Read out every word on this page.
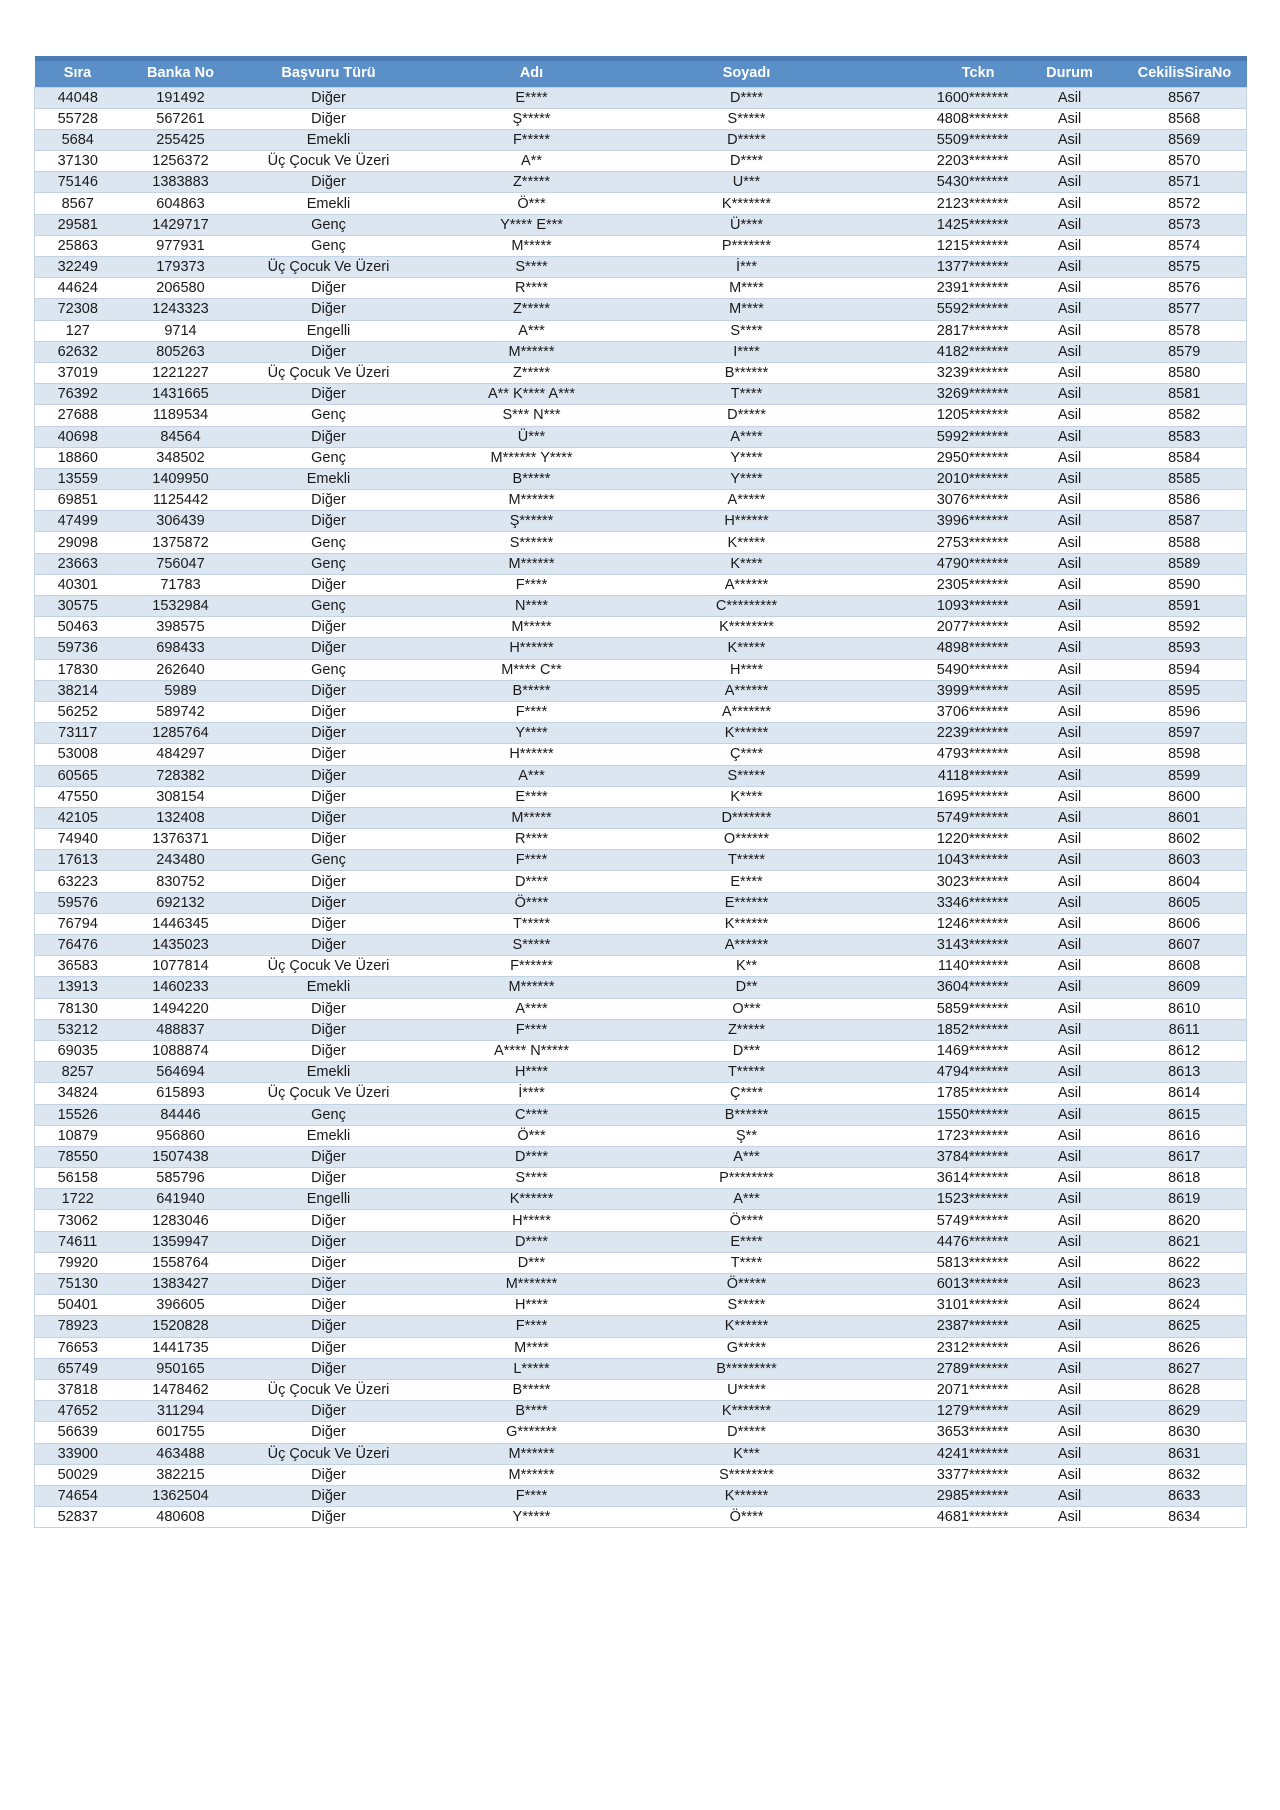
Sıra	Banka No	Başvuru Türü	Adı	Soyadı	Tckn	Durum	CekilisSiraNo
44048	191492	Diğer	E****	D****	1600*******	Asil	8567
55728	567261	Diğer	Ş*****	S*****	4808*******	Asil	8568
5684	255425	Emekli	F*****	D*****	5509*******	Asil	8569
37130	1256372	Üç Çocuk Ve Üzeri	A**	D****	2203*******	Asil	8570
75146	1383883	Diğer	Z*****	U***	5430*******	Asil	8571
8567	604863	Emekli	Ö***	K*******	2123*******	Asil	8572
29581	1429717	Genç	Y**** E***	Ü****	1425*******	Asil	8573
25863	977931	Genç	M*****	P*******	1215*******	Asil	8574
32249	179373	Üç Çocuk Ve Üzeri	S****	İ***	1377*******	Asil	8575
44624	206580	Diğer	R****	M****	2391*******	Asil	8576
72308	1243323	Diğer	Z*****	M****	5592*******	Asil	8577
127	9714	Engelli	A***	S****	2817*******	Asil	8578
62632	805263	Diğer	M******	I****	4182*******	Asil	8579
37019	1221227	Üç Çocuk Ve Üzeri	Z*****	B******	3239*******	Asil	8580
76392	1431665	Diğer	A** K**** A***	T****	3269*******	Asil	8581
27688	1189534	Genç	S*** N***	D*****	1205*******	Asil	8582
40698	84564	Diğer	Ü***	A****	5992*******	Asil	8583
18860	348502	Genç	M****** Y****	Y****	2950*******	Asil	8584
13559	1409950	Emekli	B*****	Y****	2010*******	Asil	8585
69851	1125442	Diğer	M******	A*****	3076*******	Asil	8586
47499	306439	Diğer	Ş******	H******	3996*******	Asil	8587
29098	1375872	Genç	S******	K*****	2753*******	Asil	8588
23663	756047	Genç	M******	K****	4790*******	Asil	8589
40301	71783	Diğer	F****	A******	2305*******	Asil	8590
30575	1532984	Genç	N****	C*********	1093*******	Asil	8591
50463	398575	Diğer	M*****	K********	2077*******	Asil	8592
59736	698433	Diğer	H******	K*****	4898*******	Asil	8593
17830	262640	Genç	M**** C**	H****	5490*******	Asil	8594
38214	5989	Diğer	B*****	A******	3999*******	Asil	8595
56252	589742	Diğer	F****	A*******	3706*******	Asil	8596
73117	1285764	Diğer	Y****	K******	2239*******	Asil	8597
53008	484297	Diğer	H******	Ç****	4793*******	Asil	8598
60565	728382	Diğer	A***	S*****	4118*******	Asil	8599
47550	308154	Diğer	E****	K****	1695*******	Asil	8600
42105	132408	Diğer	M*****	D*******	5749*******	Asil	8601
74940	1376371	Diğer	R****	O******	1220*******	Asil	8602
17613	243480	Genç	F****	T*****	1043*******	Asil	8603
63223	830752	Diğer	D****	E****	3023*******	Asil	8604
59576	692132	Diğer	Ö****	E******	3346*******	Asil	8605
76794	1446345	Diğer	T*****	K******	1246*******	Asil	8606
76476	1435023	Diğer	S*****	A******	3143*******	Asil	8607
36583	1077814	Üç Çocuk Ve Üzeri	F******	K**	1140*******	Asil	8608
13913	1460233	Emekli	M******	D**	3604*******	Asil	8609
78130	1494220	Diğer	A****	O***	5859*******	Asil	8610
53212	488837	Diğer	F****	Z*****	1852*******	Asil	8611
69035	1088874	Diğer	A**** N*****	D***	1469*******	Asil	8612
8257	564694	Emekli	H****	T*****	4794*******	Asil	8613
34824	615893	Üç Çocuk Ve Üzeri	İ****	Ç****	1785*******	Asil	8614
15526	84446	Genç	C****	B******	1550*******	Asil	8615
10879	956860	Emekli	Ö***	Ş**	1723*******	Asil	8616
78550	1507438	Diğer	D****	A***	3784*******	Asil	8617
56158	585796	Diğer	S****	P********	3614*******	Asil	8618
1722	641940	Engelli	K******	A***	1523*******	Asil	8619
73062	1283046	Diğer	H*****	Ö****	5749*******	Asil	8620
74611	1359947	Diğer	D****	E****	4476*******	Asil	8621
79920	1558764	Diğer	D***	T****	5813*******	Asil	8622
75130	1383427	Diğer	M*******	Ö*****	6013*******	Asil	8623
50401	396605	Diğer	H****	S*****	3101*******	Asil	8624
78923	1520828	Diğer	F****	K******	2387*******	Asil	8625
76653	1441735	Diğer	M****	G*****	2312*******	Asil	8626
65749	950165	Diğer	L*****	B*********	2789*******	Asil	8627
37818	1478462	Üç Çocuk Ve Üzeri	B*****	U*****	2071*******	Asil	8628
47652	311294	Diğer	B****	K*******	1279*******	Asil	8629
56639	601755	Diğer	G*******	D*****	3653*******	Asil	8630
33900	463488	Üç Çocuk Ve Üzeri	M******	K***	4241*******	Asil	8631
50029	382215	Diğer	M******	S********	3377*******	Asil	8632
74654	1362504	Diğer	F****	K******	2985*******	Asil	8633
52837	480608	Diğer	Y*****	Ö****	4681*******	Asil	8634
